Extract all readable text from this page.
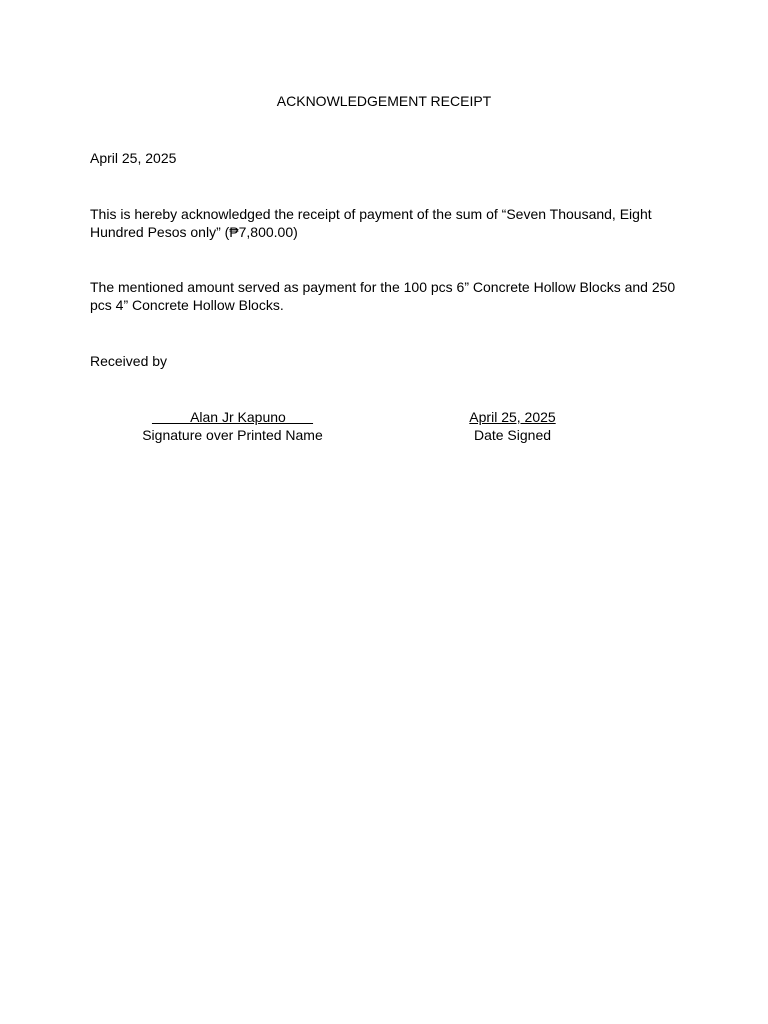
ACKNOWLEDGEMENT RECEIPT
April 25, 2025
This is hereby acknowledged the receipt of payment of the sum of “Seven Thousand, Eight Hundred Pesos only” (₱7,800.00)
The mentioned amount served as payment for the 100 pcs 6” Concrete Hollow Blocks and 250 pcs 4” Concrete Hollow Blocks.
Received by
Alan Jr Kapuno
Signature over Printed Name
April 25, 2025
Date Signed
